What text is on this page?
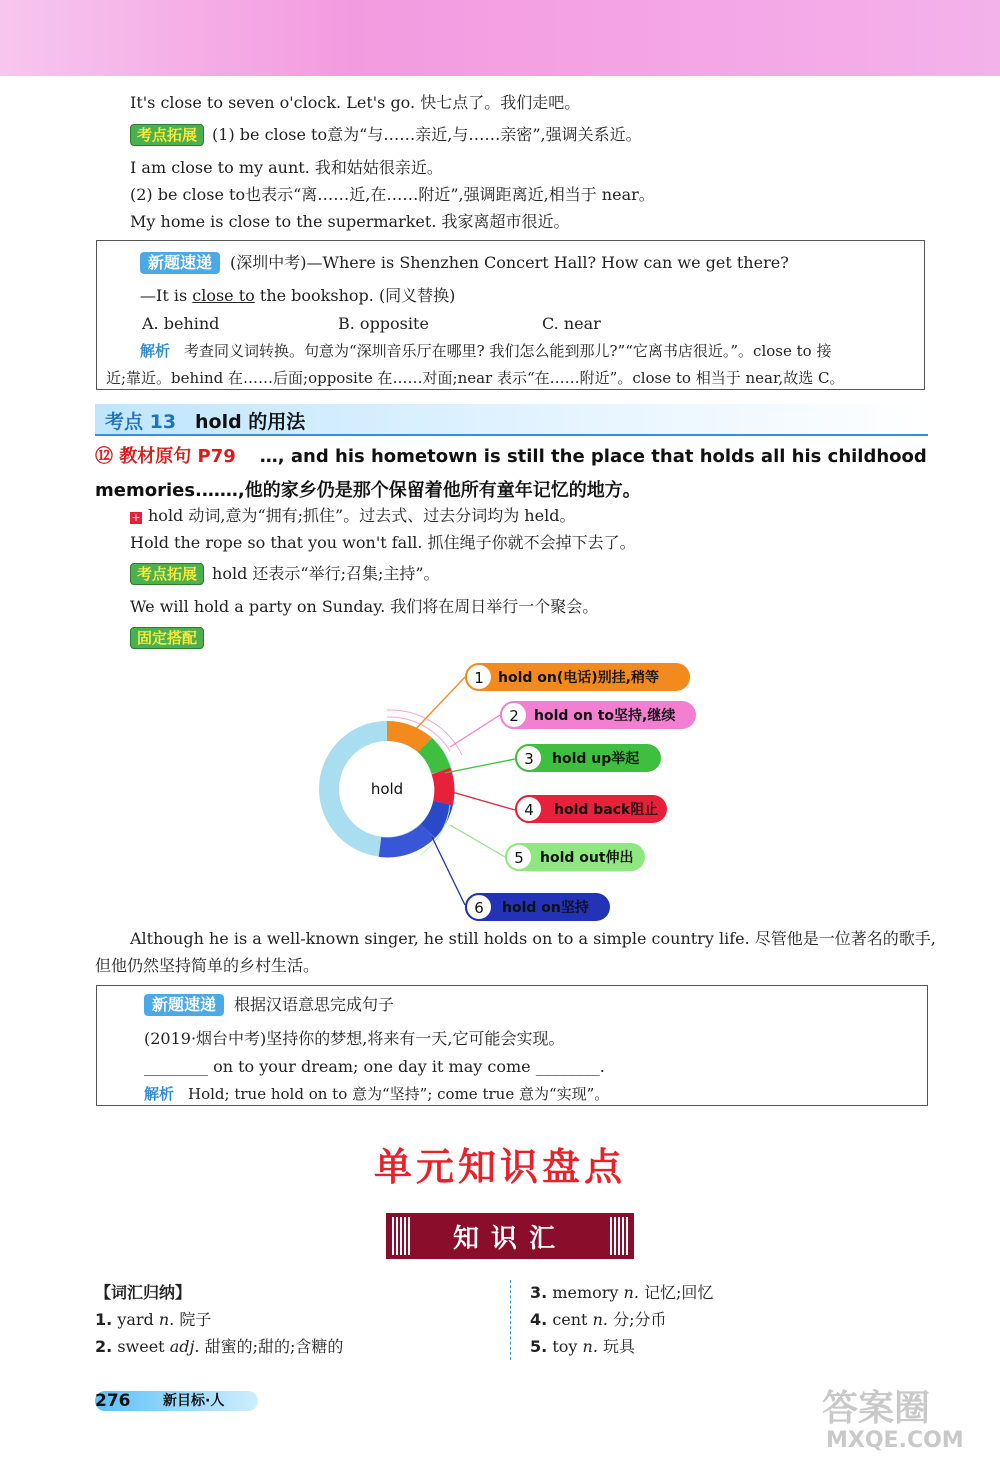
It's close to seven o'clock. Let's go. 快七点了。我们走吧。
考点拓展 (1) be close to意为“与……亲近,与……亲密”,强调关系近。
I am close to my aunt. 我和姑姑很亲近。
(2) be close to也表示“离……近,在……附近”,强调距离近,相当于 near。
My home is close to the supermarket. 我家离超市很近。
新题速递 (深圳中考)—Where is Shenzhen Concert Hall? How can we get there?
—It is close to the bookshop. (同义替换)
A. behind	B. opposite	C. near
解析 考查同义词转换。句意为“深圳音乐厅在哪里? 我们怎么能到那儿?”“它离书店很近。”。close to 接
近;靠近。behind 在……后面;opposite 在……对面;near 表示“在……附近”。close to 相当于 near,故选 C。
考点 13 hold 的用法
⑫ 教材原句 P79 …, and his hometown is still the place that holds all his childhood memories.……,他的家乡仍是那个保留着他所有童年记忆的地方。
+ hold 动词,意为“拥有;抓住”。过去式、过去分词均为 held。
Hold the rope so that you won't fall. 抓住绳子你就不会掉下去了。
考点拓展 hold 还表示“举行;召集;主持”。
We will hold a party on Sunday. 我们将在周日举行一个聚会。
固定搭配
hold
1 hold on(电话)别挂,稍等
2 hold on to坚持,继续
3 hold up举起
4 hold back阻止
5 hold out伸出
6 hold on坚持
Although he is a well-known singer, he still holds on to a simple country life. 尽管他是一位著名的歌手,
但他仍然坚持简单的乡村生活。
新题速递 根据汉语意思完成句子
(2019·烟台中考)坚持你的梦想,将来有一天,它可能会实现。
________ on to your dream; one day it may come ________.
解析 Hold; true hold on to 意为“坚持”; come true 意为“实现”。
单元知识盘点
知识汇
【词汇归纳】
1. yard n. 院子
2. sweet adj. 甜蜜的;甜的;含糖的
3. memory n. 记忆;回忆
4. cent n. 分;分币
5. toy n. 玩具
276 新目标·人	答案圈
MXQE.COM
